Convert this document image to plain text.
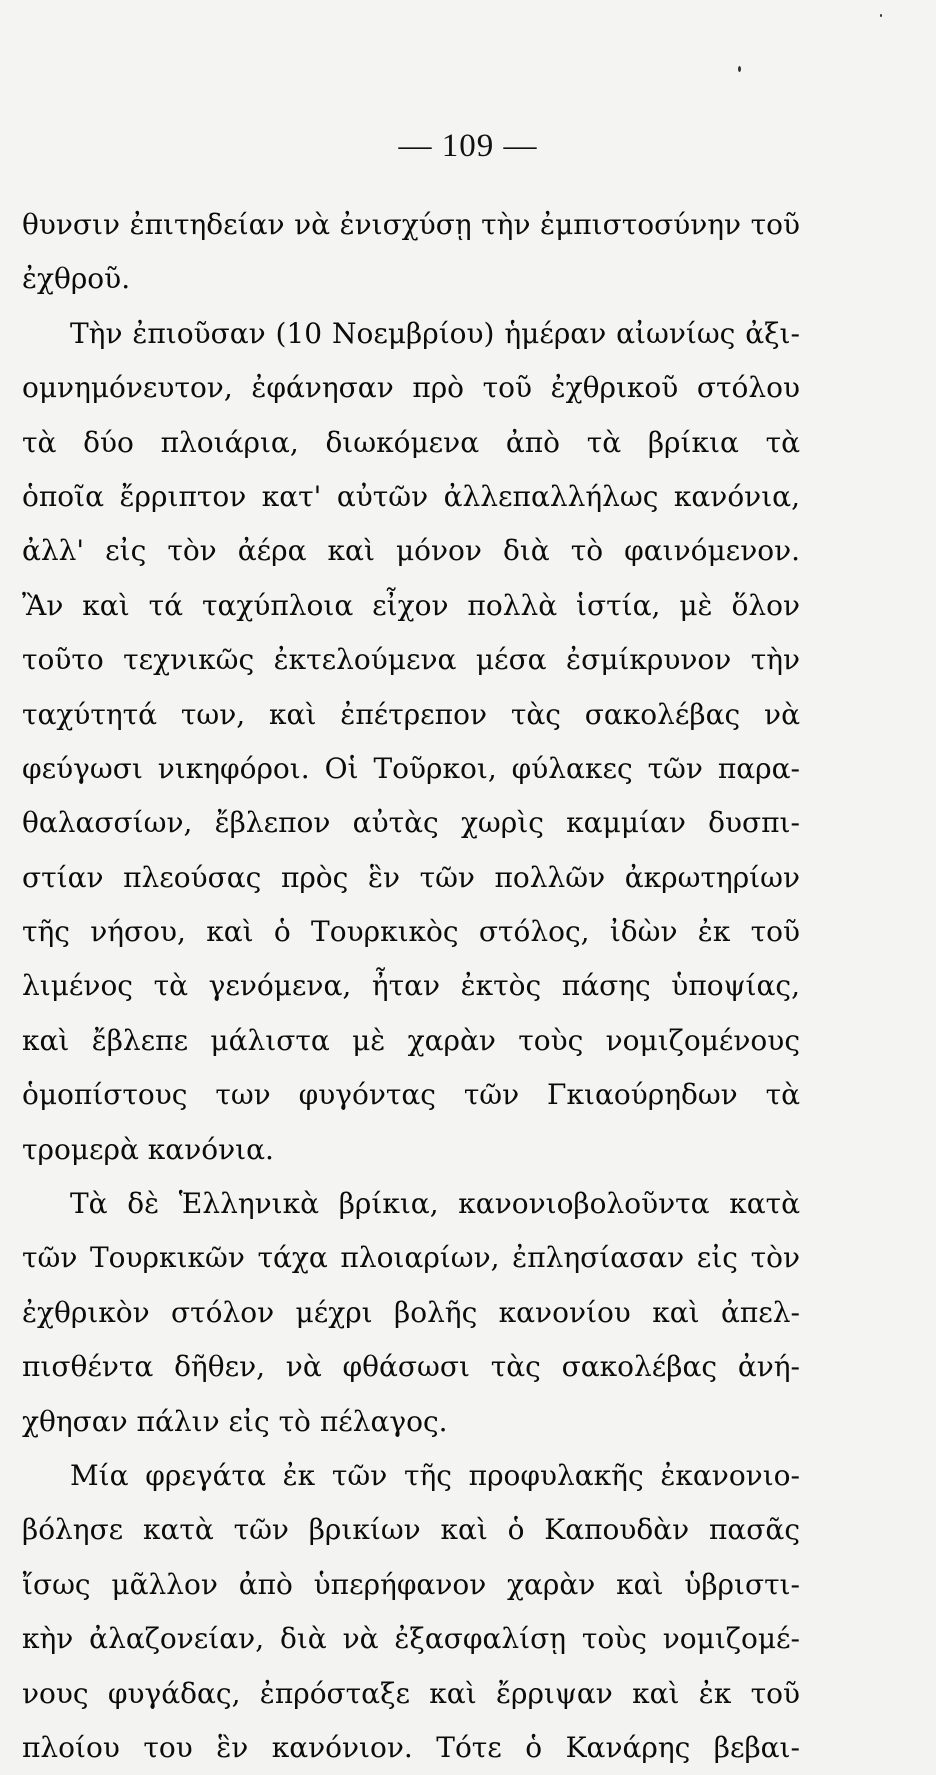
— 109 —
θυνσιν ἐπιτηδείαν νὰ ἐνισχύσῃ τὴν ἐμπιστοσύνην τοῦ
ἐχθροῦ.
Τὴν ἐπιοῦσαν (10 Νοεμβρίου) ἡμέραν αἰωνίως ἀξι-
ομνημόνευτον, ἐφάνησαν πρὸ τοῦ ἐχθρικοῦ στόλου
τὰ δύο πλοιάρια, διωκόμενα ἀπὸ τὰ βρίκια τὰ
ὁποῖα ἔρριπτον κατ' αὐτῶν ἀλλεπαλλήλως κανόνια,
ἀλλ' εἰς τὸν ἀέρα καὶ μόνον διὰ τὸ φαινόμενον.
Ἂν καὶ τά ταχύπλοια εἶχον πολλὰ ἱστία, μὲ ὅλον
τοῦτο τεχνικῶς ἐκτελούμενα μέσα ἐσμίκρυνον τὴν
ταχύτητά των, καὶ ἐπέτρεπον τὰς σακολέβας νὰ
φεύγωσι νικηφόροι. Οἱ Τοῦρκοι, φύλακες τῶν παρα-
θαλασσίων, ἔβλεπον αὐτὰς χωρὶς καμμίαν δυσπι-
στίαν πλεούσας πρὸς ἓν τῶν πολλῶν ἀκρωτηρίων
τῆς νήσου, καὶ ὁ Τουρκικὸς στόλος, ἰδὼν ἐκ τοῦ
λιμένος τὰ γενόμενα, ἦταν ἐκτὸς πάσης ὑποψίας,
καὶ ἔβλεπε μάλιστα μὲ χαρὰν τοὺς νομιζομένους
ὁμοπίστους των φυγόντας τῶν Γκιαούρηδων τὰ
τρομερὰ κανόνια.
Τὰ δὲ Ἑλληνικὰ βρίκια, κανονιοβολοῦντα κατὰ
τῶν Τουρκικῶν τάχα πλοιαρίων, ἐπλησίασαν εἰς τὸν
ἐχθρικὸν στόλον μέχρι βολῆς κανονίου καὶ ἀπελ-
πισθέντα δῆθεν, νὰ φθάσωσι τὰς σακολέβας ἀνή-
χθησαν πάλιν εἰς τὸ πέλαγος.
Μία φρεγάτα ἐκ τῶν τῆς προφυλακῆς ἐκανονιο-
βόλησε κατὰ τῶν βρικίων καὶ ὁ Καπουδὰν πασᾶς
ἴσως μᾶλλον ἀπὸ ὑπερήφανον χαρὰν καὶ ὑβριστι-
κὴν ἀλαζονείαν, διὰ νὰ ἐξασφαλίσῃ τοὺς νομιζομέ-
νους φυγάδας, ἐπρόσταξε καὶ ἔρριψαν καὶ ἐκ τοῦ
πλοίου του ἓν κανόνιον. Τότε ὁ Κανάρης βεβαι-
